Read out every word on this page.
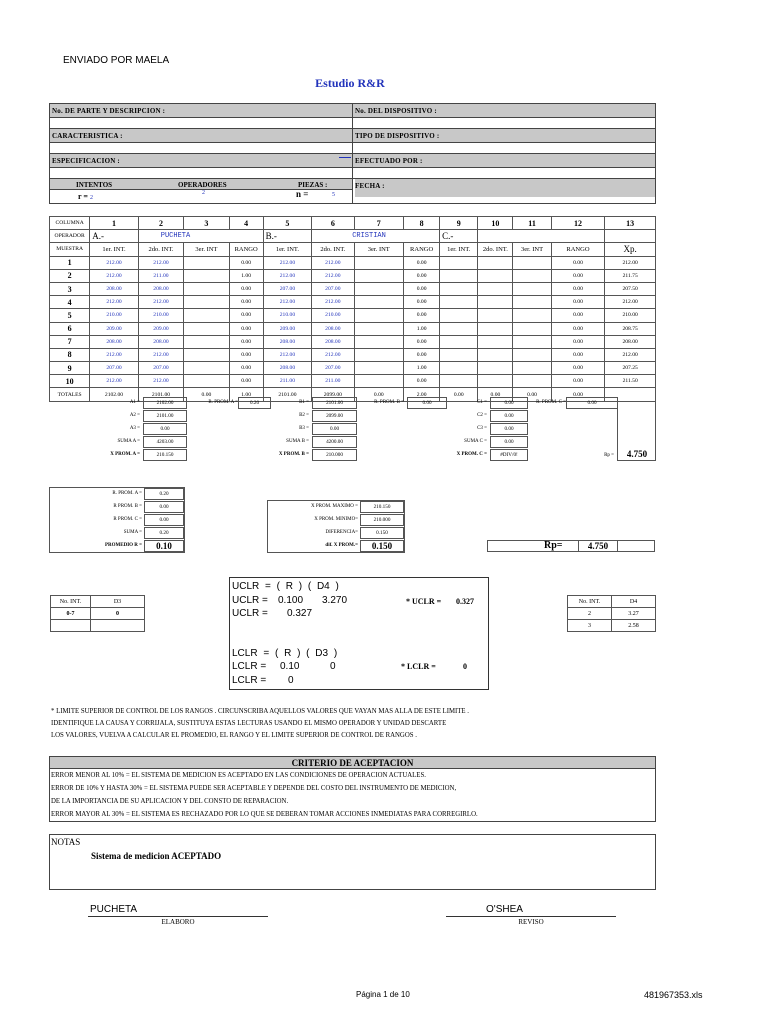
ENVIADO POR MAELA
Estudio R&R
No. DE PARTE Y DESCRIPCION :	No. DEL DISPOSITIVO :
CARACTERISTICA :	TIPO DE DISPOSITIVO :
ESPECIFICACION :	EFECTUADO POR :
INTENTOS	OPERADORES	PIEZAS :
r = 2
2	n =	5
FECHA :
COLUMNA	1	2	3	4	5	6	7	8	9	10	11	12	13
OPERADOR	A.-	PUCHETA			B.-	CRISTIAN			C.-				
MUESTRA	1er. INT.	2do. INT.	3er. INT	RANGO	1er. INT.	2do. INT.	3er. INT	RANGO	1er. INT.	2do. INT.	3er. INT	RANGO	Xp.
1	212.00	212.00		0.00	212.00	212.00		0.00				0.00	212.00
2	212.00	211.00		1.00	212.00	212.00		0.00				0.00	211.75
3	208.00	208.00		0.00	207.00	207.00		0.00				0.00	207.50
4	212.00	212.00		0.00	212.00	212.00		0.00				0.00	212.00
5	210.00	210.00		0.00	210.00	210.00		0.00				0.00	210.00
6	209.00	209.00		0.00	209.00	208.00		1.00				0.00	208.75
7	208.00	208.00		0.00	208.00	208.00		0.00				0.00	208.00
8	212.00	212.00		0.00	212.00	212.00		0.00				0.00	212.00
9	207.00	207.00		0.00	208.00	207.00		1.00				0.00	207.25
10	212.00	212.00		0.00	211.00	211.00		0.00				0.00	211.50
TOTALES	2102.00	2101.00	0.00	1.00	2101.00	2099.00	0.00	2.00	0.00	0.00	0.00	0.00	
A1 =	2102.00
A2 =	2101.00
A3 =	0.00
SUMA A =	4203.00
X PROM. A =	210.150
B1 =	2101.00
B2 =	2099.00
B3 =	0.00
SUMA B =	4200.00
X PROM. B =	210.000
C1 =	0.00
C2 =	0.00
C3 =	0.00
SUMA C =	0.00
X PROM. C =	#DIV/0!
R. PROM. A =	0.20	R. PROM. B =	0.00	R. PROM. C =	0.00
Rp =	4.750
R. PROM. A =	0.20
R PROM. B =	0.00
R PROM. C =	0.00
SUMA =	0.20
PROMEDIO R =	0.10
X PROM. MAXIMO =	210.150
X PROM. MINIMO=	210.000
DIFERENCIA=	0.150
dif. X PROM.=	0.150	Rp=	4.750
No. INT.	D3
0-7	0

No. INT.	D4
2	3.27
3	2.58
UCLR = ( R ) ( D4 )
UCLR = 0.100 3.270
UCLR = 0.327
* UCLR = 0.327
LCLR = ( R ) ( D3 )
LCLR = 0.10	0
LCLR = 0
* LCLR =	0
* LIMITE SUPERIOR DE CONTROL DE LOS RANGOS . CIRCUNSCRIBA AQUELLOS VALORES QUE VAYAN MAS ALLA DE ESTE LIMITE .
IDENTIFIQUE LA CAUSA Y CORRIJALA, SUSTITUYA ESTAS LECTURAS USANDO EL MISMO OPERADOR Y UNIDAD DESCARTE
LOS VALORES, VUELVA A CALCULAR EL PROMEDIO, EL RANGO Y EL LIMITE SUPERIOR DE CONTROL DE RANGOS .
CRITERIO DE ACEPTACION
ERROR MENOR AL 10% = EL SISTEMA DE MEDICION ES ACEPTADO EN LAS CONDICIONES DE OPERACION ACTUALES.
ERROR DE 10% Y HASTA 30% = EL SISTEMA PUEDE SER ACEPTABLE Y DEPENDE DEL COSTO DEL INSTRUMENTO DE MEDICION,
DE LA IMPORTANCIA DE SU APLICACION Y DEL CONSTO DE REPARACION.
ERROR MAYOR AL 30% = EL SISTEMA ES RECHAZADO POR LO QUE SE DEBERAN TOMAR ACCIONES INMEDIATAS PARA CORREGIRLO.
NOTAS
Sistema de medicion ACEPTADO
PUCHETA
ELABORO
O'SHEA
REVISO
Página 1 de 10	481967353.xls
